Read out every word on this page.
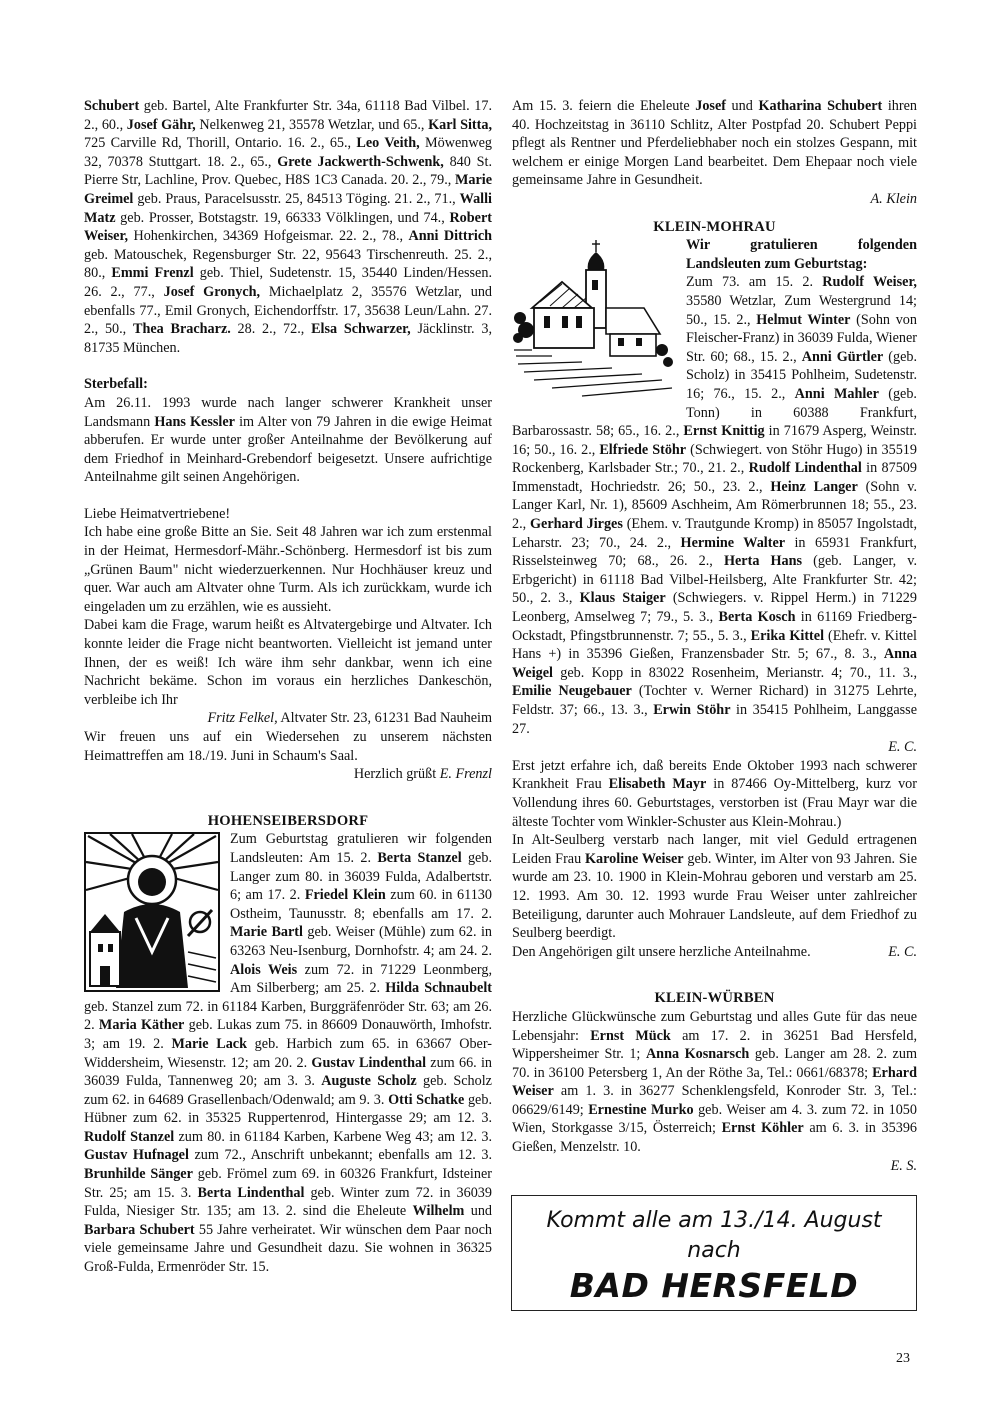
Schubert geb. Bartel, Alte Frankfurter Str. 34a, 61118 Bad Vilbel. 17. 2., 60., Josef Gähr, Nelkenweg 21, 35578 Wetzlar, und 65., Karl Sitta, 725 Carville Rd, Thorill, Ontario. 16. 2., 65., Leo Veith, Möwenweg 32, 70378 Stuttgart. 18. 2., 65., Grete Jackwerth-Schwenk, 840 St. Pierre Str, Lachline, Prov. Quebec, H8S 1C3 Canada. 20. 2., 79., Marie Greimel geb. Praus, Paracelsusstr. 25, 84513 Töging. 21. 2., 71., Walli Matz geb. Prosser, Botstagstr. 19, 66333 Völklingen, und 74., Robert Weiser, Hohenkirchen, 34369 Hofgeismar. 22. 2., 78., Anni Dittrich geb. Matouschek, Regensburger Str. 22, 95643 Tirschenreuth. 25. 2., 80., Emmi Frenzl geb. Thiel, Sudetenstr. 15, 35440 Linden/Hessen. 26. 2., 77., Josef Gronych, Michaelplatz 2, 35576 Wetzlar, und ebenfalls 77., Emil Gronych, Eichendorffstr. 17, 35638 Leun/Lahn. 27. 2., 50., Thea Bracharz. 28. 2., 72., Elsa Schwarzer, Jäcklinstr. 3, 81735 München.

Sterbefall:

Am 26.11. 1993 wurde nach langer schwerer Krankheit unser Landsmann Hans Kessler im Alter von 79 Jahren in die ewige Heimat abberufen. Er wurde unter großer Anteilnahme der Bevölkerung auf dem Friedhof in Meinhard-Grebendorf beigesetzt. Unsere aufrichtige Anteilnahme gilt seinen Angehörigen.

Liebe Heimatvertriebene!

Ich habe eine große Bitte an Sie. Seit 48 Jahren war ich zum erstenmal in der Heimat, Hermesdorf-Mähr.-Schönberg. Hermesdorf ist bis zum „Grünen Baum" nicht wiederzuerkennen. Nur Hochhäuser kreuz und quer. War auch am Altvater ohne Turm. Als ich zurückkam, wurde ich eingeladen um zu erzählen, wie es aussieht.

Dabei kam die Frage, warum heißt es Altvatergebirge und Altvater. Ich konnte leider die Frage nicht beantworten. Vielleicht ist jemand unter Ihnen, der es weiß! Ich wäre ihm sehr dankbar, wenn ich eine Nachricht bekäme. Schon im voraus ein herzliches Dankeschön, verbleibe ich Ihr

Fritz Felkel, Altvater Str. 23, 61231 Bad Nauheim

Wir freuen uns auf ein Wiedersehen zu unserem nächsten Heimattreffen am 18./19. Juni in Schaum's Saal.

Herzlich grüßt E. Frenzl

HOHENSEIBERSDORF

Zum Geburtstag gratulieren wir folgenden Landsleuten: Am 15. 2. Berta Stanzel geb. Langer zum 80. in 36039 Fulda, Adalbertstr. 6; am 17. 2. Friedel Klein zum 60. in 61130 Ostheim, Taunusstr. 8; ebenfalls am 17. 2. Marie Bartl geb. Weiser (Mühle) zum 62. in 63263 Neu-Isenburg, Dornhofstr. 4; am 24. 2. Alois Weis zum 72. in 71229 Leonmberg, Am Silberberg; am 25. 2. Hilda Schnaubelt geb. Stanzel zum 72. in 61184 Karben, Burggräfenröder Str. 63; am 26. 2. Maria Käther geb. Lukas zum 75. in 86609 Donauwörth, Imhofstr. 3; am 19. 2. Marie Lack geb. Harbich zum 65. in 63667 Ober-Widdersheim, Wiesenstr. 12; am 20. 2. Gustav Lindenthal zum 66. in 36039 Fulda, Tannenweg 20; am 3. 3. Auguste Scholz geb. Scholz zum 62. in 64689 Grasellenbach/Odenwald; am 9. 3. Otti Schatke geb. Hübner zum 62. in 35325 Ruppertenrod, Hintergasse 29; am 12. 3. Rudolf Stanzel zum 80. in 61184 Karben, Karbene Weg 43; am 12. 3. Gustav Hufnagel zum 72., Anschrift unbekannt; ebenfalls am 12. 3. Brunhilde Sänger geb. Frömel zum 69. in 60326 Frankfurt, Idsteiner Str. 25; am 15. 3. Berta Lindenthal geb. Winter zum 72. in 36039 Fulda, Niesiger Str. 135; am 13. 2. sind die Eheleute Wilhelm und Barbara Schubert 55 Jahre verheiratet. Wir wünschen dem Paar noch viele gemeinsame Jahre und Gesundheit dazu. Sie wohnen in 36325 Groß-Fulda, Ermenröder Str. 15.

Am 15. 3. feiern die Eheleute Josef und Katharina Schubert ihren 40. Hochzeitstag in 36110 Schlitz, Alter Postpfad 20. Schubert Peppi pflegt als Rentner und Pferdeliebhaber noch ein stolzes Gespann, mit welchem er einige Morgen Land bearbeitet. Dem Ehepaar noch viele gemeinsame Jahre in Gesundheit.

A. Klein

KLEIN-MOHRAU

Wir gratulieren folgenden Landsleuten zum Geburtstag:

Zum 73. am 15. 2. Rudolf Weiser, 35580 Wetzlar, Zum Westergrund 14; 50., 15. 2., Helmut Winter (Sohn von Fleischer-Franz) in 36039 Fulda, Wiener Str. 60; 68., 15. 2., Anni Gürtler (geb. Scholz) in 35415 Pohlheim, Sudetenstr. 16; 76., 15. 2., Anni Mahler (geb. Tonn) in 60388 Frankfurt, Barbarossastr. 58; 65., 16. 2., Ernst Knittig in 71679 Asperg, Weinstr. 16; 50., 16. 2., Elfriede Stöhr (Schwiegert. von Stöhr Hugo) in 35519 Rockenberg, Karlsbader Str.; 70., 21. 2., Rudolf Lindenthal in 87509 Immenstadt, Hochriedstr. 26; 50., 23. 2., Heinz Langer (Sohn v. Langer Karl, Nr. 1), 85609 Aschheim, Am Römerbrunnen 18; 55., 23. 2., Gerhard Jirges (Ehem. v. Trautgunde Kromp) in 85057 Ingolstadt, Leharstr. 23; 70., 24. 2., Hermine Walter in 65931 Frankfurt, Risselsteinweg 70; 68., 26. 2., Herta Hans (geb. Langer, v. Erbgericht) in 61118 Bad Vilbel-Heilsberg, Alte Frankfurter Str. 42; 50., 2. 3., Klaus Staiger (Schwiegers. v. Rippel Herm.) in 71229 Leonberg, Amselweg 7; 79., 5. 3., Berta Kosch in 61169 Friedberg-Ockstadt, Pfingstbrunnenstr. 7; 55., 5. 3., Erika Kittel (Ehefr. v. Kittel Hans +) in 35396 Gießen, Franzensbader Str. 5; 67., 8. 3., Anna Weigel geb. Kopp in 83022 Rosenheim, Merianstr. 4; 70., 11. 3., Emilie Neugebauer (Tochter v. Werner Richard) in 31275 Lehrte, Feldstr. 37; 66., 13. 3., Erwin Stöhr in 35415 Pohlheim, Langgasse 27.

E. C.

Erst jetzt erfahre ich, daß bereits Ende Oktober 1993 nach schwerer Krankheit Frau Elisabeth Mayr in 87466 Oy-Mittelberg, kurz vor Vollendung ihres 60. Geburtstages, verstorben ist (Frau Mayr war die älteste Tochter vom Winkler-Schuster aus Klein-Mohrau.)

In Alt-Seulberg verstarb nach langer, mit viel Geduld ertragenen Leiden Frau Karoline Weiser geb. Winter, im Alter von 93 Jahren. Sie wurde am 23. 10. 1900 in Klein-Mohrau geboren und verstarb am 25. 12. 1993. Am 30. 12. 1993 wurde Frau Weiser unter zahlreicher Beteiligung, darunter auch Mohrauer Landsleute, auf dem Friedhof zu Seulberg beerdigt.

Den Angehörigen gilt unsere herzliche Anteilnahme.	E. C.

KLEIN-WÜRBEN

Herzliche Glückwünsche zum Geburtstag und alles Gute für das neue Lebensjahr: Ernst Mück am 17. 2. in 36251 Bad Hersfeld, Wippersheimer Str. 1; Anna Kosnarsch geb. Langer am 28. 2. zum 70. in 36100 Petersberg 1, An der Röthe 3a, Tel.: 0661/68378; Erhard Weiser am 1. 3. in 36277 Schenklengsfeld, Konroder Str. 3, Tel.: 06629/6149; Ernestine Murko geb. Weiser am 4. 3. zum 72. in 1050 Wien, Storkgasse 3/15, Österreich; Ernst Köhler am 6. 3. in 35396 Gießen, Menzelstr. 10.

E. S.

Kommt alle am 13./14. August
nach
BAD HERSFELD
23
